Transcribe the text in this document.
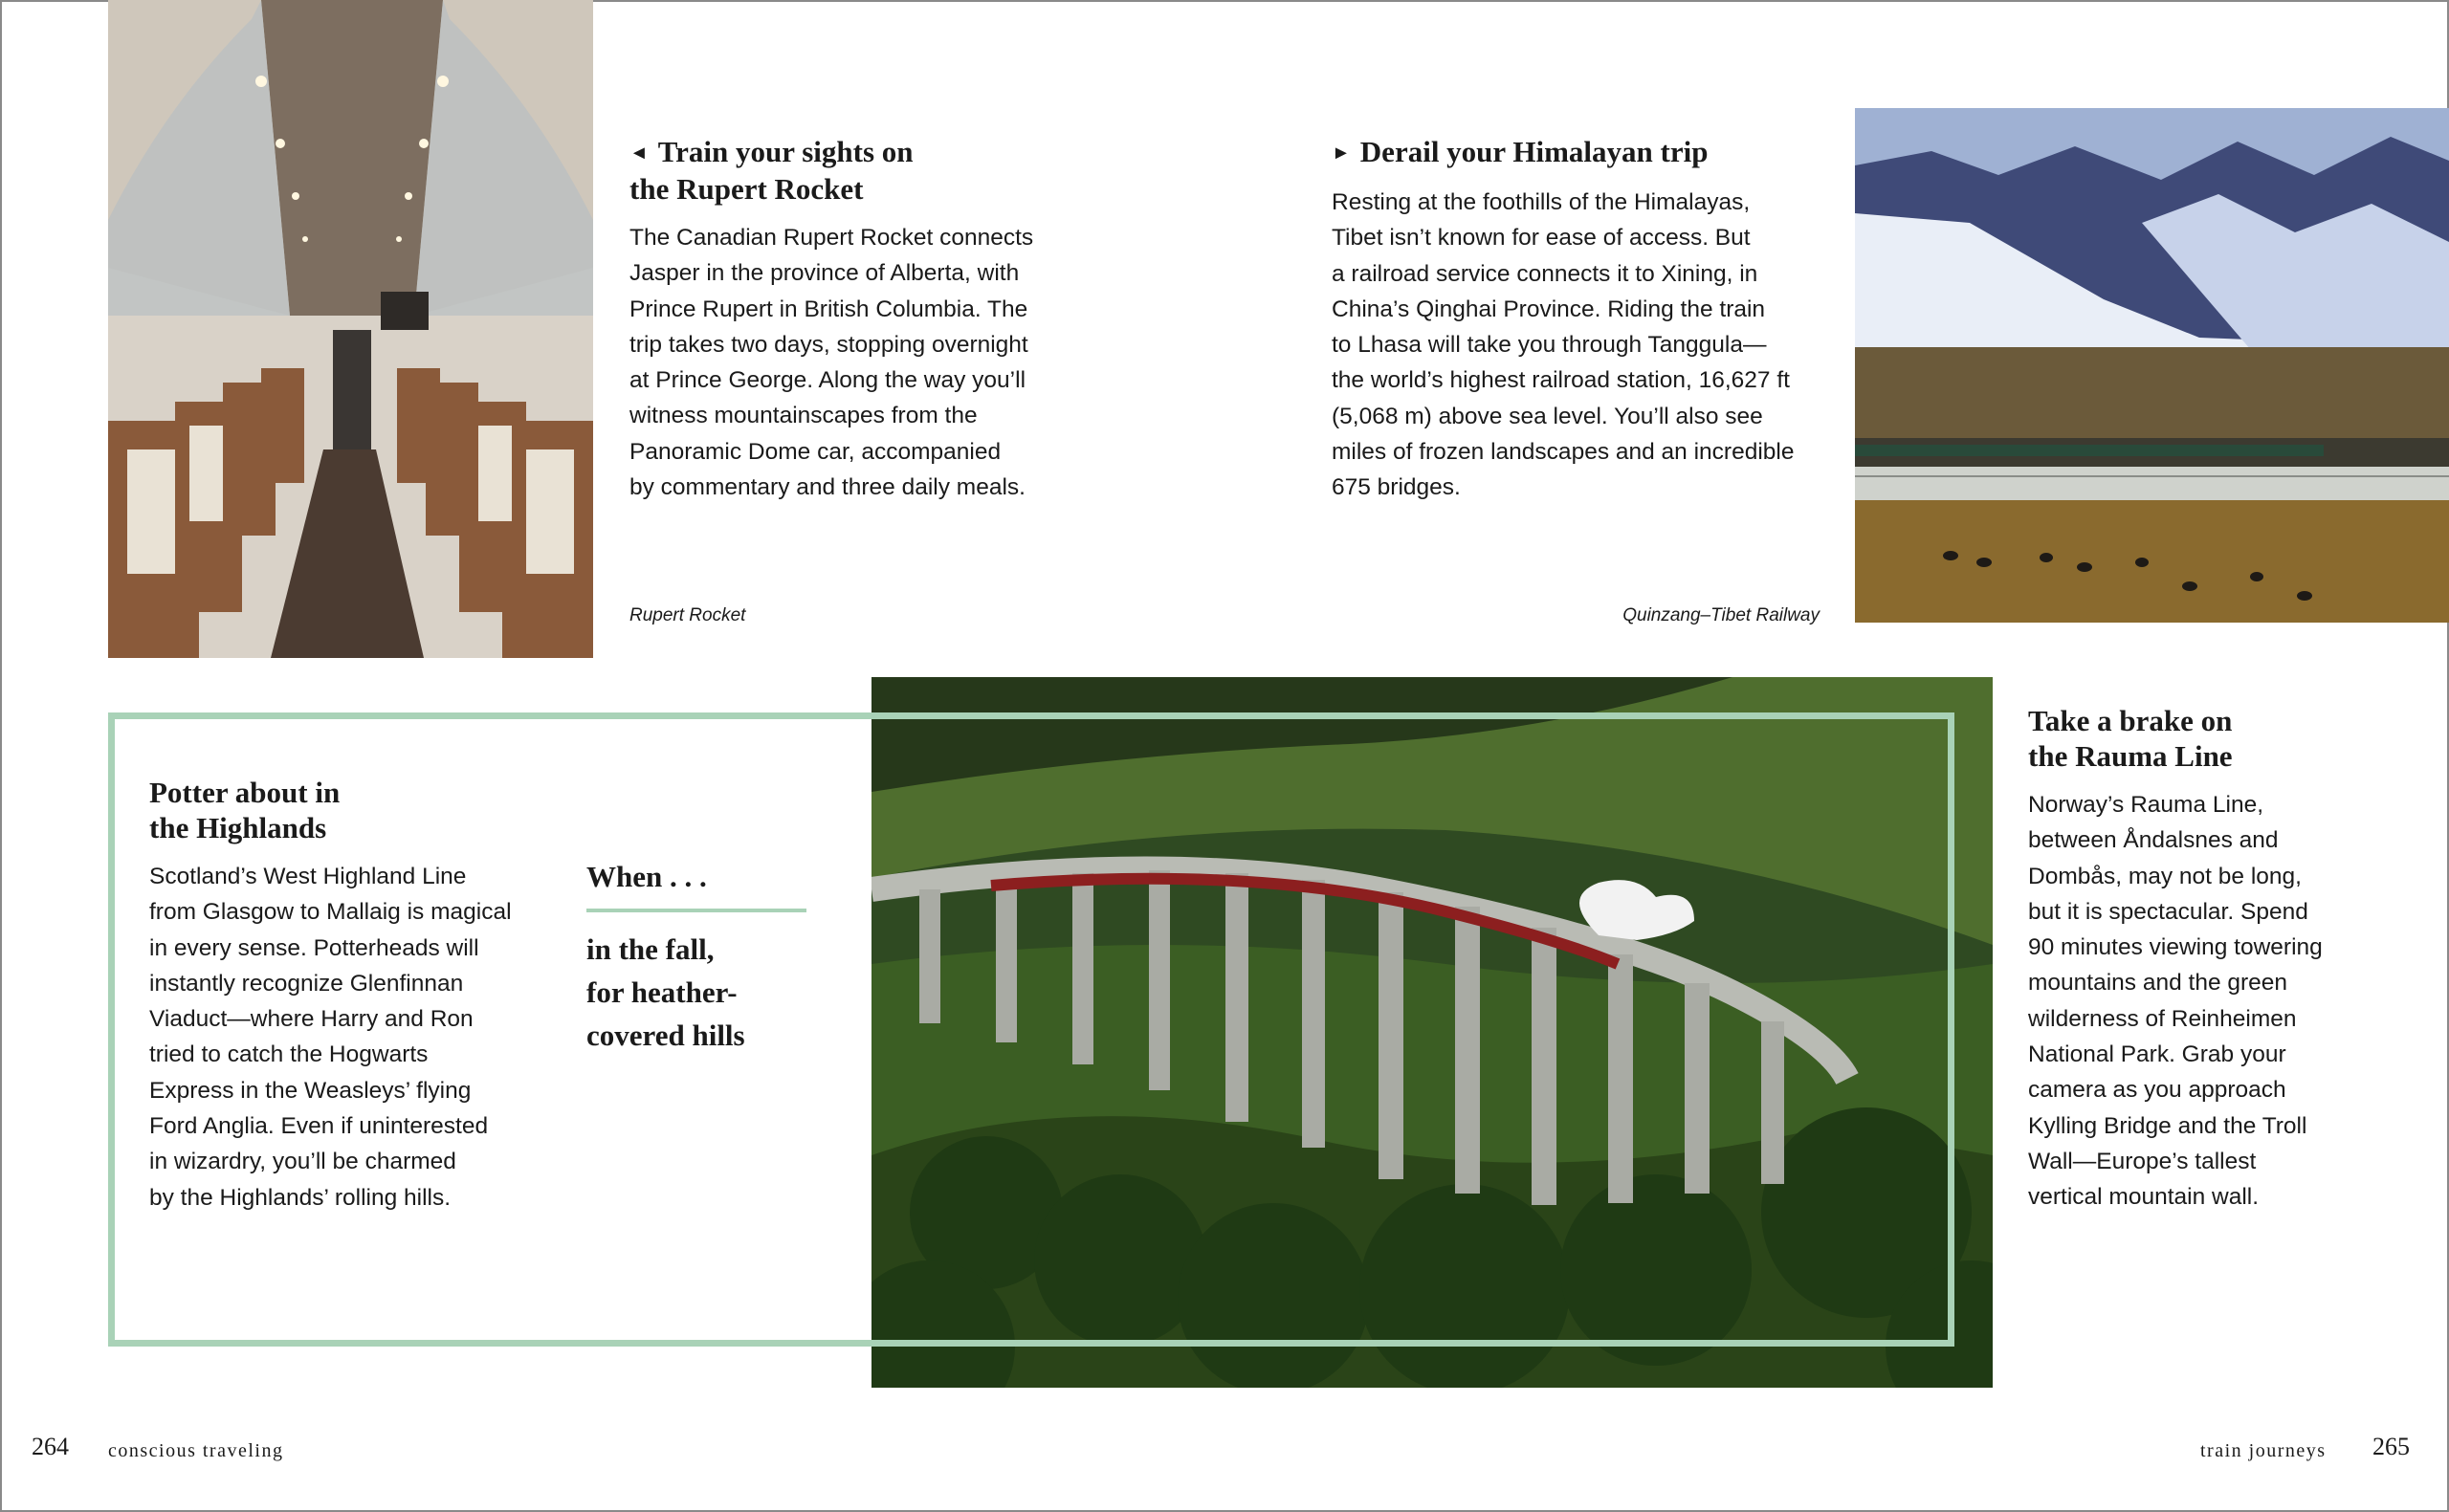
◄ Train your sights on
the Rupert Rocket

The Canadian Rupert Rocket connects
Jasper in the province of Alberta, with
Prince Rupert in British Columbia. The
trip takes two days, stopping overnight
at Prince George. Along the way you’ll
witness mountainscapes from the
Panoramic Dome car, accompanied
by commentary and three daily meals.

Rupert Rocket
► Derail your Himalayan trip

Resting at the foothills of the Himalayas,
Tibet isn’t known for ease of access. But
a railroad service connects it to Xining, in
China’s Qinghai Province. Riding the train
to Lhasa will take you through Tanggula—
the world’s highest railroad station, 16,627 ft
(5,068 m) above sea level. You’ll also see
miles of frozen landscapes and an incredible
675 bridges.

Quinzang–Tibet Railway
Potter about in
the Highlands

Scotland’s West Highland Line
from Glasgow to Mallaig is magical
in every sense. Potterheads will
instantly recognize Glenfinnan
Viaduct—where Harry and Ron
tried to catch the Hogwarts
Express in the Weasleys’ flying
Ford Anglia. Even if uninterested
in wizardry, you’ll be charmed
by the Highlands’ rolling hills.

When . . .

in the fall,
for heather-
covered hills

Take a brake on
the Rauma Line

Norway’s Rauma Line,
between Åndalsnes and
Dombås, may not be long,
but it is spectacular. Spend
90 minutes viewing towering
mountains and the green
wilderness of Reinheimen
National Park. Grab your
camera as you approach
Kylling Bridge and the Troll
Wall—Europe’s tallest
vertical mountain wall.

264 conscious traveling	train journeys 265
